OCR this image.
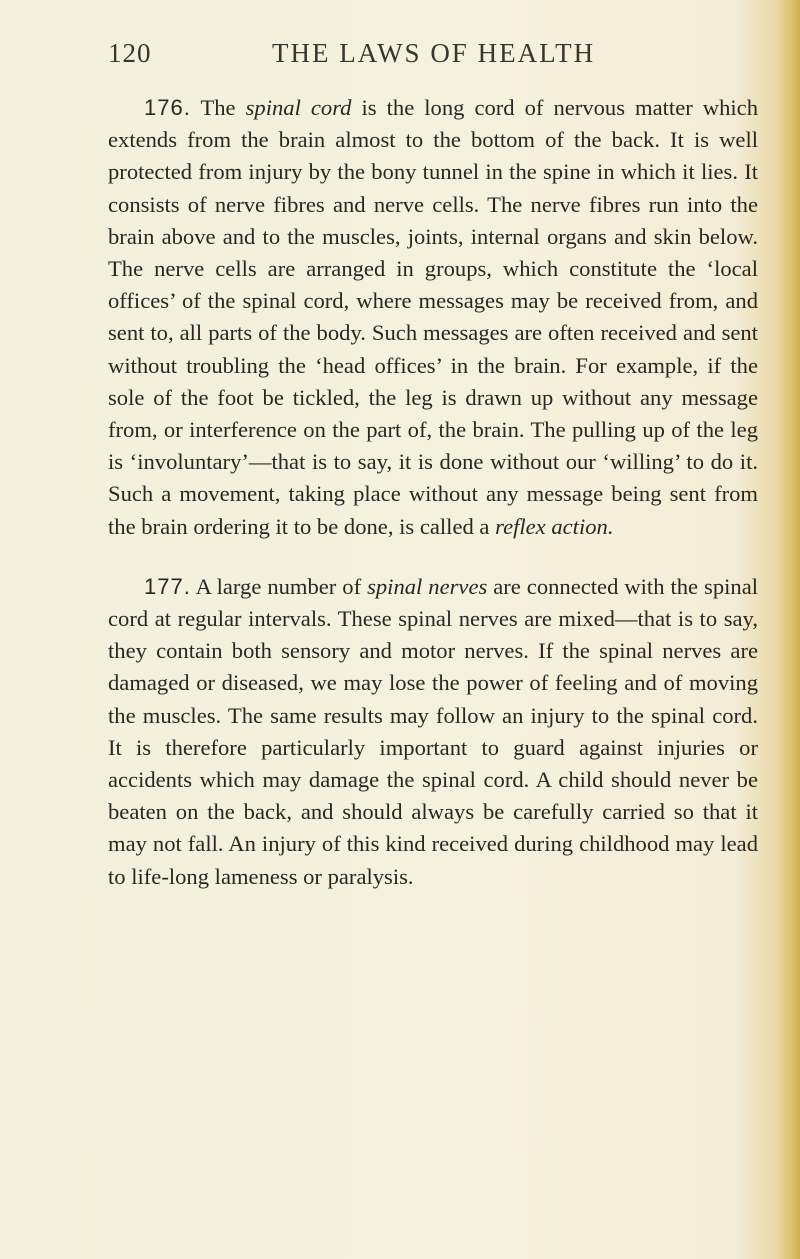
120	THE LAWS OF HEALTH

176. The spinal cord is the long cord of nervous matter which extends from the brain almost to the bottom of the back. It is well protected from injury by the bony tunnel in the spine in which it lies. It consists of nerve fibres and nerve cells. The nerve fibres run into the brain above and to the muscles, joints, internal organs and skin below. The nerve cells are arranged in groups, which constitute the ‘local offices’ of the spinal cord, where messages may be received from, and sent to, all parts of the body. Such messages are often received and sent without troubling the ‘head offices’ in the brain. For example, if the sole of the foot be tickled, the leg is drawn up without any message from, or interference on the part of, the brain. The pulling up of the leg is ‘involuntary’—that is to say, it is done without our ‘willing’ to do it. Such a movement, taking place without any message being sent from the brain ordering it to be done, is called a reflex action.

177. A large number of spinal nerves are connected with the spinal cord at regular intervals. These spinal nerves are mixed—that is to say, they contain both sensory and motor nerves. If the spinal nerves are damaged or diseased, we may lose the power of feeling and of moving the muscles. The same results may follow an injury to the spinal cord. It is therefore particularly important to guard against injuries or accidents which may damage the spinal cord. A child should never be beaten on the back, and should always be carefully carried so that it may not fall. An injury of this kind received during childhood may lead to life-long lameness or paralysis.
